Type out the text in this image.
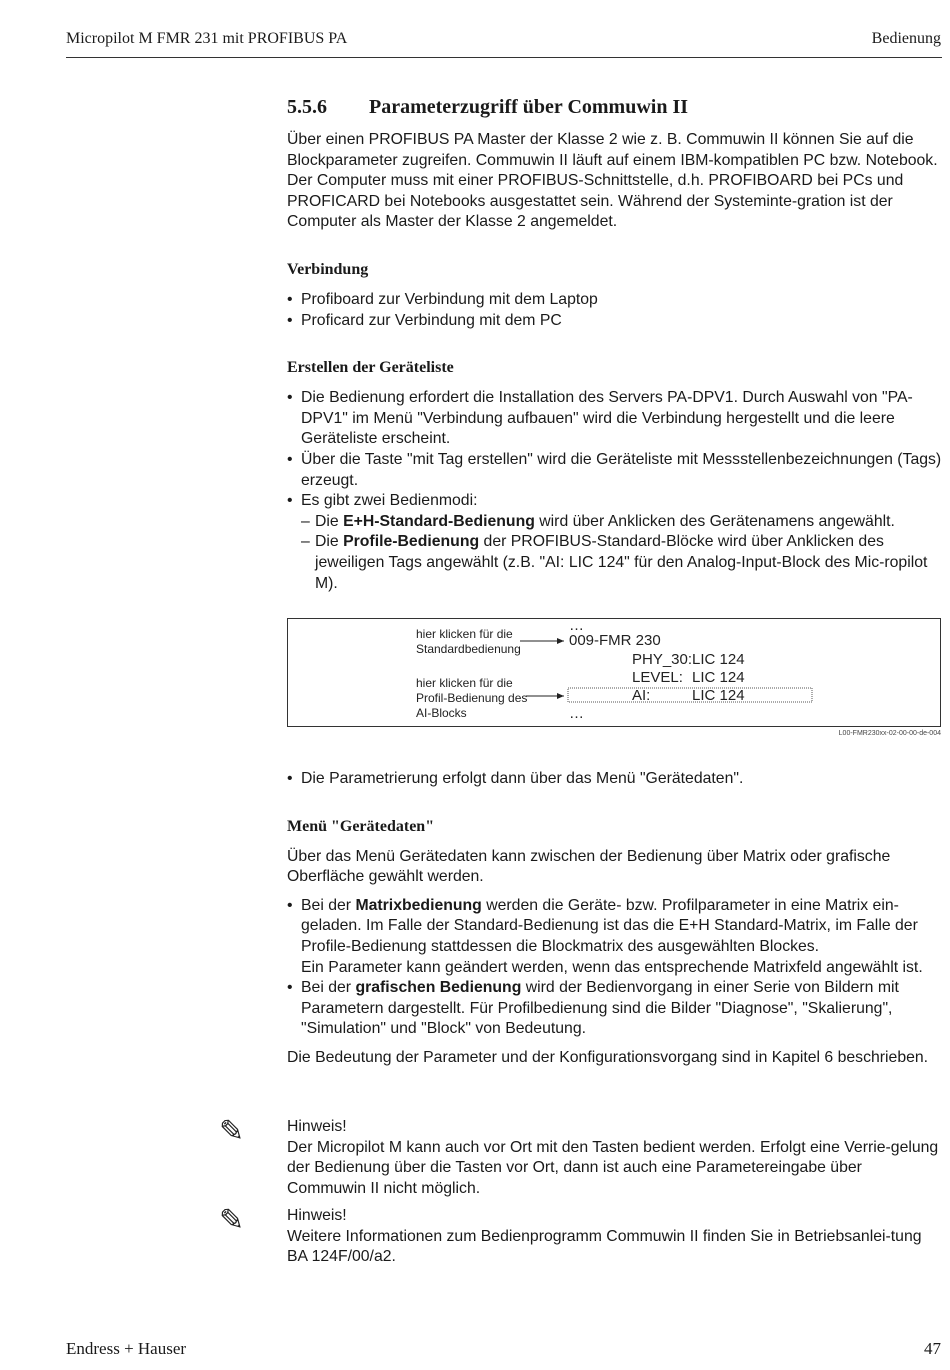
Micropilot M FMR 231 mit PROFIBUS PA	Bedienung
5.5.6 Parameterzugriff über Commuwin II

Über einen PROFIBUS PA Master der Klasse 2 wie z. B. Commuwin II können Sie auf die Blockparameter zugreifen. Commuwin II läuft auf einem IBM-kompatiblen PC bzw. Notebook. Der Computer muss mit einer PROFIBUS-Schnittstelle, d.h. PROFIBOARD bei PCs und PROFICARD bei Notebooks ausgestattet sein. Während der Systeminte-gration ist der Computer als Master der Klasse 2 angemeldet.

Verbindung
• Profiboard zur Verbindung mit dem Laptop
• Proficard zur Verbindung mit dem PC
Erstellen der Geräteliste
• Die Bedienung erfordert die Installation des Servers PA-DPV1. Durch Auswahl von "PA-DPV1" im Menü "Verbindung aufbauen" wird die Verbindung hergestellt und die leere Geräteliste erscheint.
• Über die Taste "mit Tag erstellen" wird die Geräteliste mit Messstellenbezeichnungen (Tags) erzeugt.
• Es gibt zwei Bedienmodi:
– Die E+H-Standard-Bedienung wird über Anklicken des Gerätenamens angewählt.
– Die Profile-Bedienung der PROFIBUS-Standard-Blöcke wird über Anklicken des jeweiligen Tags angewählt (z.B. "AI: LIC 124" für den Analog-Input-Block des Mic-ropilot M).
hier klicken für die
Standardbedienung
hier klicken für die
Profil-Bedienung des
AI-Blocks
…
009-FMR 230
PHY_30: LIC 124
LEVEL: LIC 124
AI:	LIC 124
…
L00-FMR230xx-02-00-00-de-004
• Die Parametrierung erfolgt dann über das Menü "Gerätedaten".
Menü "Gerätedaten"

Über das Menü Gerätedaten kann zwischen der Bedienung über Matrix oder grafische Oberfläche gewählt werden.

• Bei der Matrixbedienung werden die Geräte- bzw. Profilparameter in eine Matrix ein-geladen. Im Falle der Standard-Bedienung ist das die E+H Standard-Matrix, im Falle der Profile-Bedienung stattdessen die Blockmatrix des ausgewählten Blockes.
Ein Parameter kann geändert werden, wenn das entsprechende Matrixfeld angewählt ist.
• Bei der grafischen Bedienung wird der Bedienvorgang in einer Serie von Bildern mit Parametern dargestellt. Für Profilbedienung sind die Bilder "Diagnose", "Skalierung", "Simulation" und "Block" von Bedeutung.

Die Bedeutung der Parameter und der Konfigurationsvorgang sind in Kapitel 6 beschrieben.

✎	Hinweis!
Der Micropilot M kann auch vor Ort mit den Tasten bedient werden. Erfolgt eine Verrie-gelung der Bedienung über die Tasten vor Ort, dann ist auch eine Parametereingabe über Commuwin II nicht möglich.
✎	Hinweis!
Weitere Informationen zum Bedienprogramm Commuwin II finden Sie in Betriebsanlei-tung BA 124F/00/a2.
Endress + Hauser	47
